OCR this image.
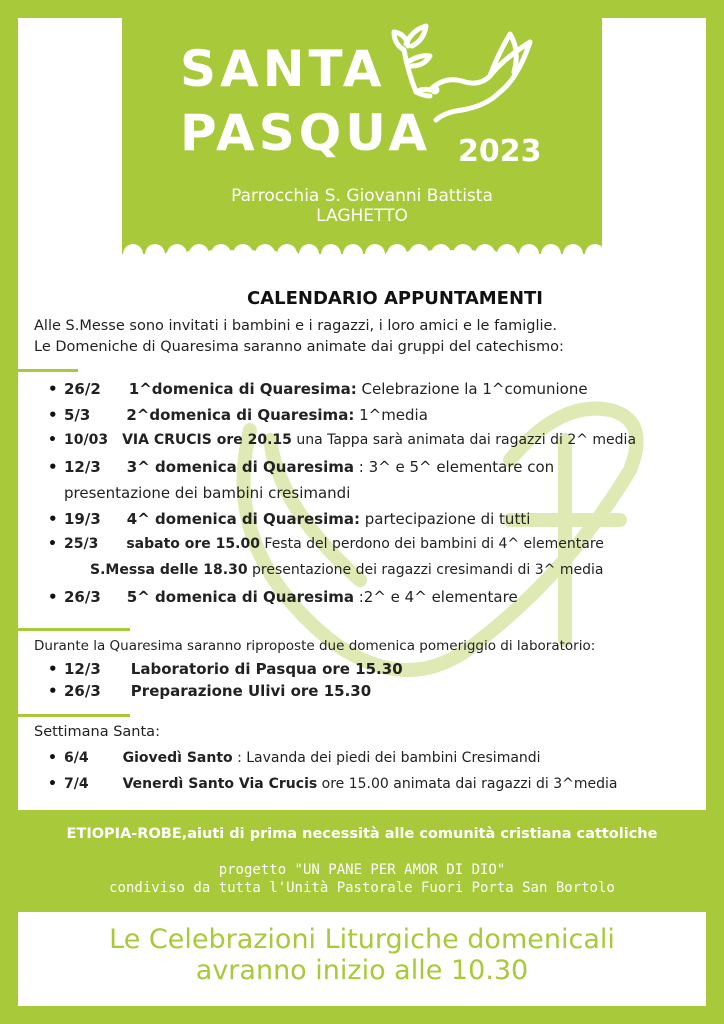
SANTA
PASQUA 2023
Parrocchia S. Giovanni Battista
LAGHETTO
CALENDARIO APPUNTAMENTI
Alle S.Messe sono invitati i bambini e i ragazzi, i loro amici e le famiglie.
Le Domeniche di Quaresima saranno animate dai gruppi del catechismo:
• 26/2 1^domenica di Quaresima: Celebrazione la 1^comunione
• 5/3 2^domenica di Quaresima: 1^media
• 10/03 VIA CRUCIS ore 20.15 una Tappa sarà animata dai ragazzi di 2^ media
• 12/3 3^ domenica di Quaresima : 3^ e 5^ elementare con
presentazione dei bambini cresimandi
• 19/3 4^ domenica di Quaresima: partecipazione di tutti
• 25/3 sabato ore 15.00 Festa del perdono dei bambini di 4^ elementare
S.Messa delle 18.30 presentazione dei ragazzi cresimandi di 3^ media
• 26/3 5^ domenica di Quaresima :2^ e 4^ elementare
Durante la Quaresima saranno riproposte due domenica pomeriggio di laboratorio:
• 12/3 Laboratorio di Pasqua ore 15.30
• 26/3 Preparazione Ulivi ore 15.30
Settimana Santa:
• 6/4 Giovedì Santo : Lavanda dei piedi dei bambini Cresimandi
• 7/4 Venerdì Santo Via Crucis ore 15.00 animata dai ragazzi di 3^media
ETIOPIA-ROBE,aiuti di prima necessità alle comunità cristiana cattoliche
progetto "UN PANE PER AMOR DI DIO"
condiviso da tutta l'Unità Pastorale Fuori Porta San Bortolo
Le Celebrazioni Liturgiche domenicali
avranno inizio alle 10.30
